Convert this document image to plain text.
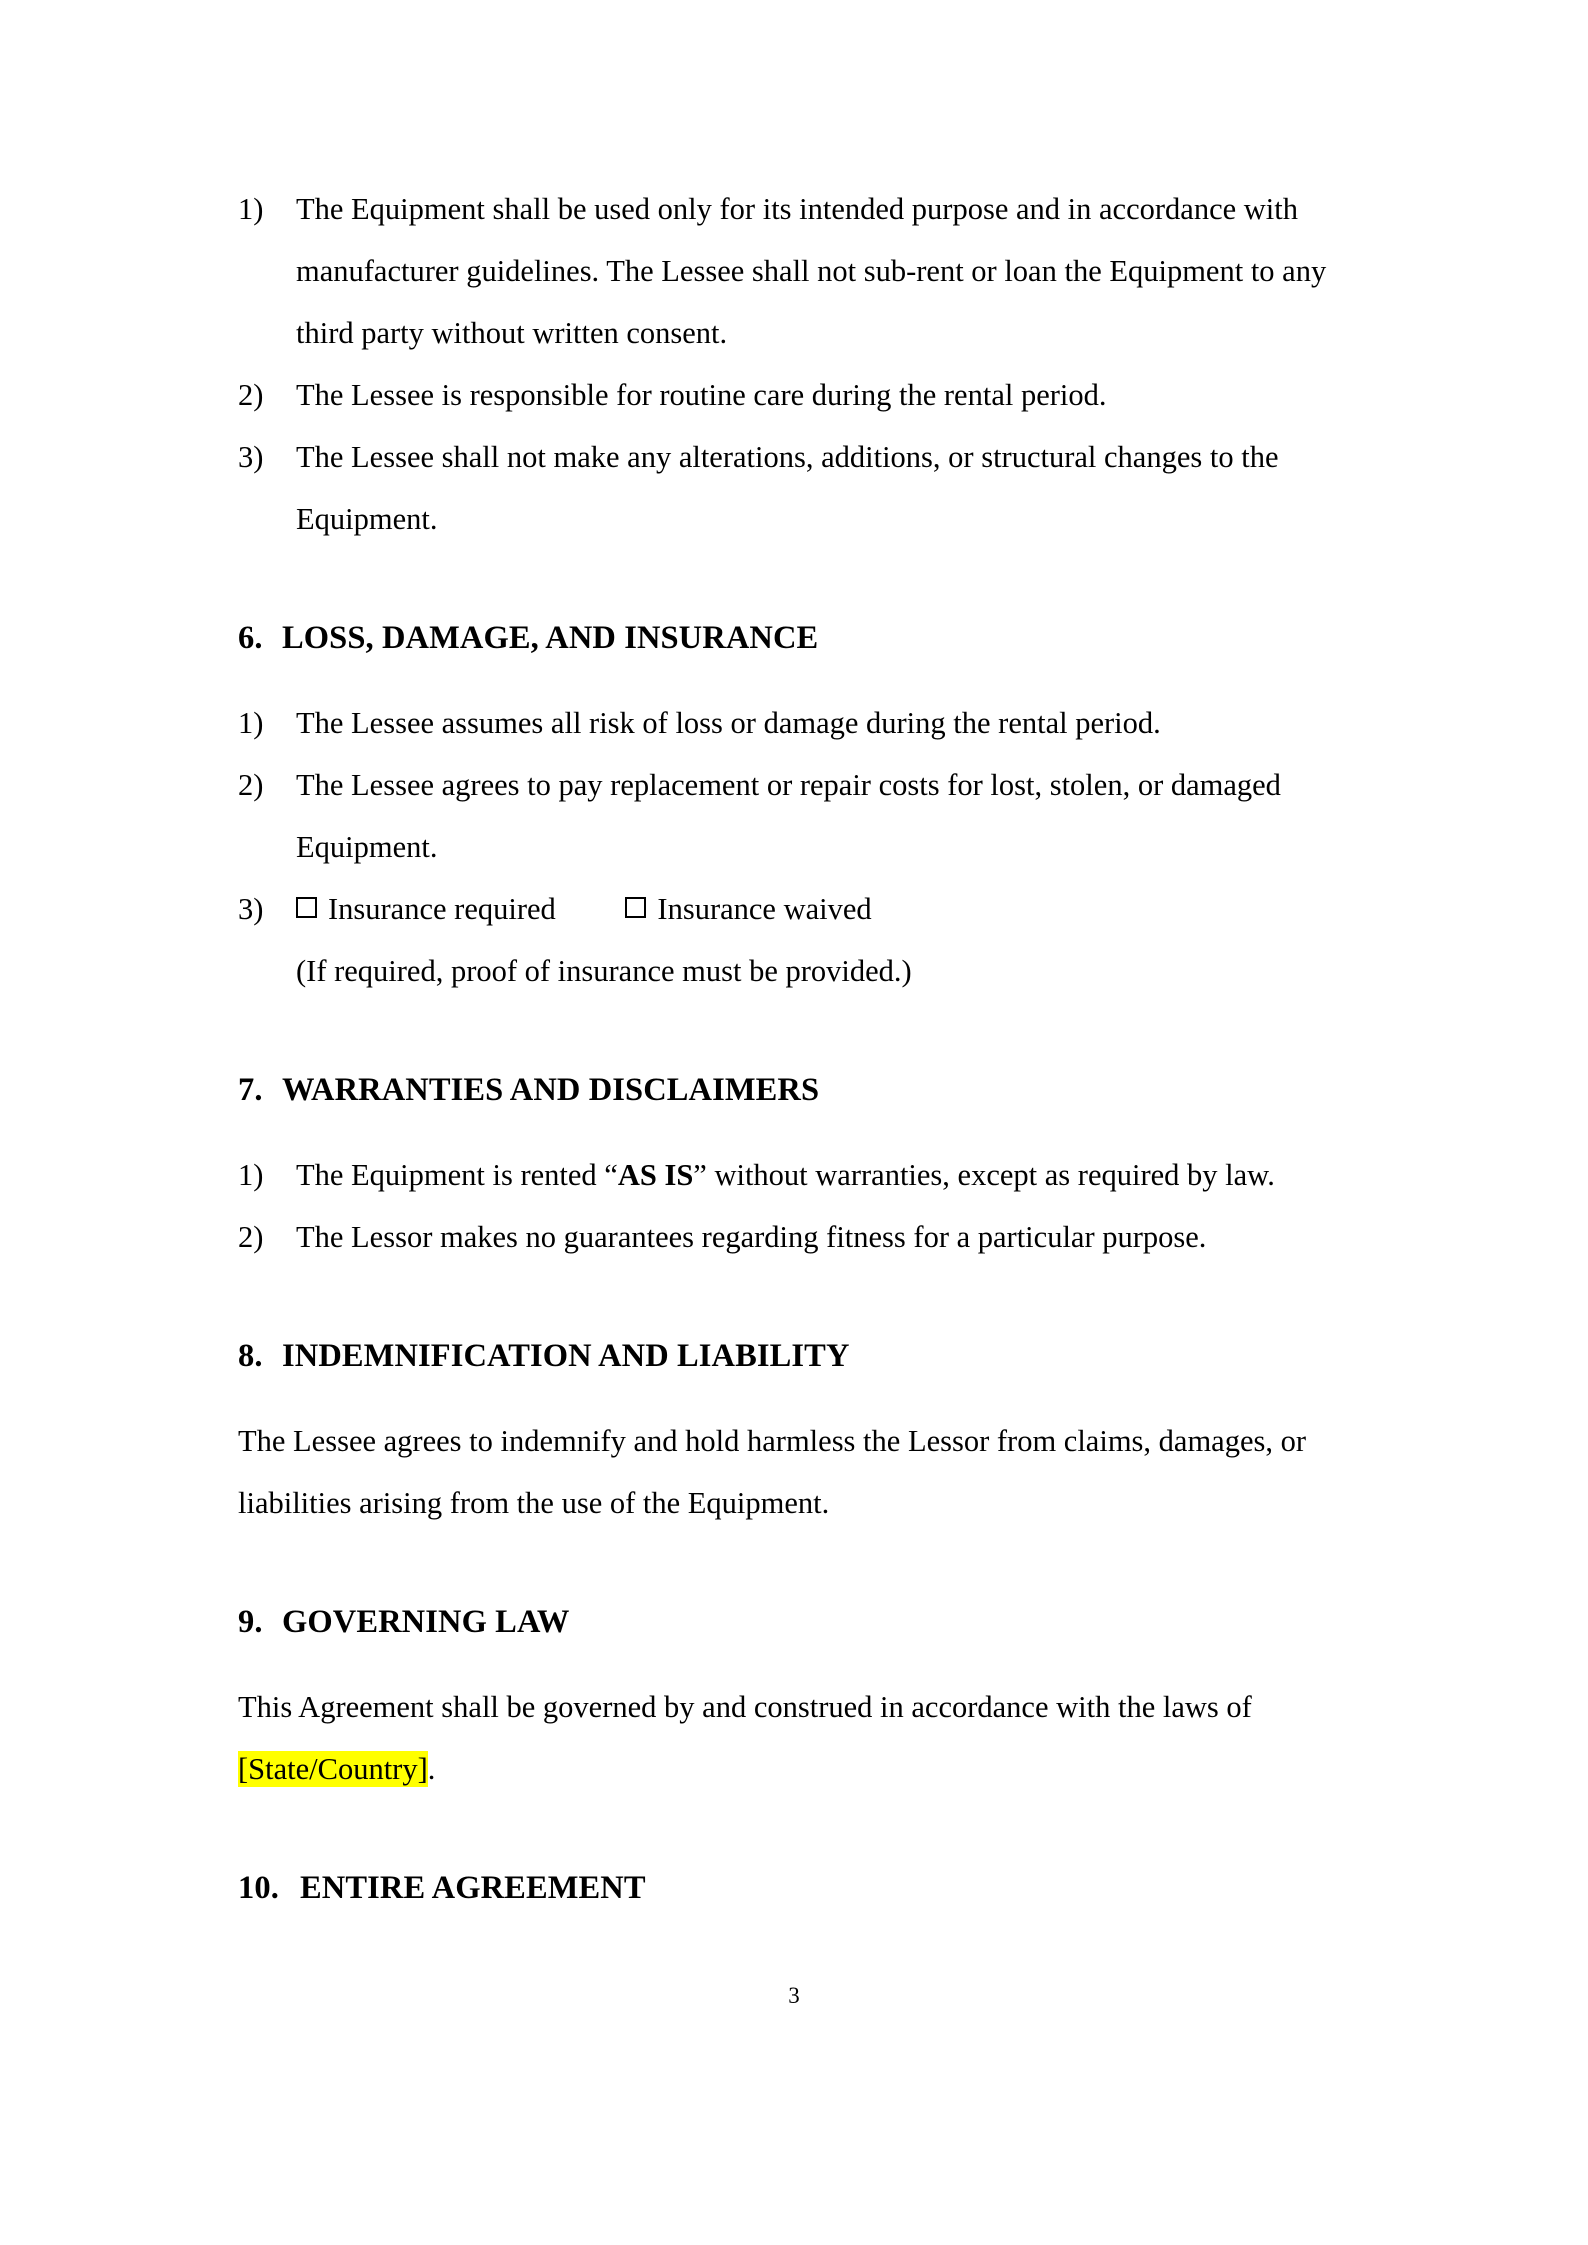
1)	The Equipment shall be used only for its intended purpose and in accordance with manufacturer guidelines. The Lessee shall not sub-rent or loan the Equipment to any third party without written consent.
2)	The Lessee is responsible for routine care during the rental period.
3)	The Lessee shall not make any alterations, additions, or structural changes to the Equipment.
6. LOSS, DAMAGE, AND INSURANCE
1)	The Lessee assumes all risk of loss or damage during the rental period.
2)	The Lessee agrees to pay replacement or repair costs for lost, stolen, or damaged Equipment.
3)	Insurance required
	Insurance waived

(If required, proof of insurance must be provided.)

7. WARRANTIES AND DISCLAIMERS
1)	The Equipment is rented “AS IS” without warranties, except as required by law.
2)	The Lessor makes no guarantees regarding fitness for a particular purpose.
8. INDEMNIFICATION AND LIABILITY

The Lessee agrees to indemnify and hold harmless the Lessor from claims, damages, or liabilities arising from the use of the Equipment.

9. GOVERNING LAW

This Agreement shall be governed by and construed in accordance with the laws of [State/Country].

10. ENTIRE AGREEMENT
3
